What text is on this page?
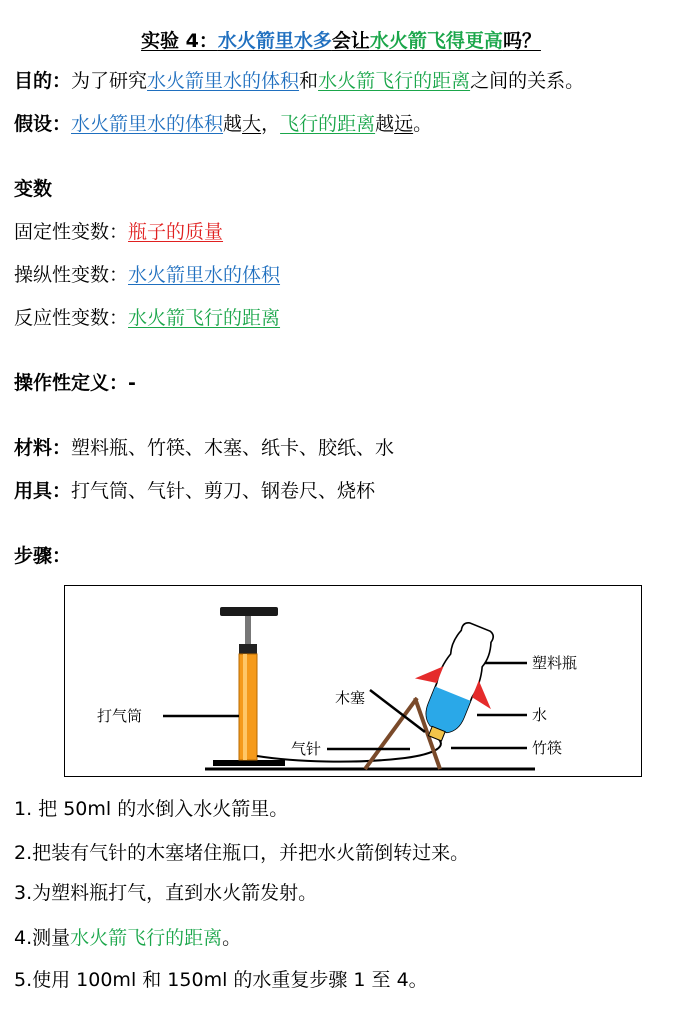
实验 4：水火箭里水多会让水火箭飞得更高吗？
目的：为了研究水火箭里水的体积和水火箭飞行的距离之间的关系。
假设：水火箭里水的体积越大，飞行的距离越远。
变数
固定性变数：瓶子的质量
操纵性变数：水火箭里水的体积
反应性变数：水火箭飞行的距离
操作性定义：-
材料：塑料瓶、竹筷、木塞、纸卡、胶纸、水
用具：打气筒、气针、剪刀、钢卷尺、烧杯
步骤：
打气筒
气针
木塞
塑料瓶
水
竹筷
1. 把 50ml 的水倒入水火箭里。
2.把装有气针的木塞堵住瓶口，并把水火箭倒转过来。
3.为塑料瓶打气，直到水火箭发射。
4.测量水火箭飞行的距离。
5.使用 100ml 和 150ml 的水重复步骤 1 至 4。
